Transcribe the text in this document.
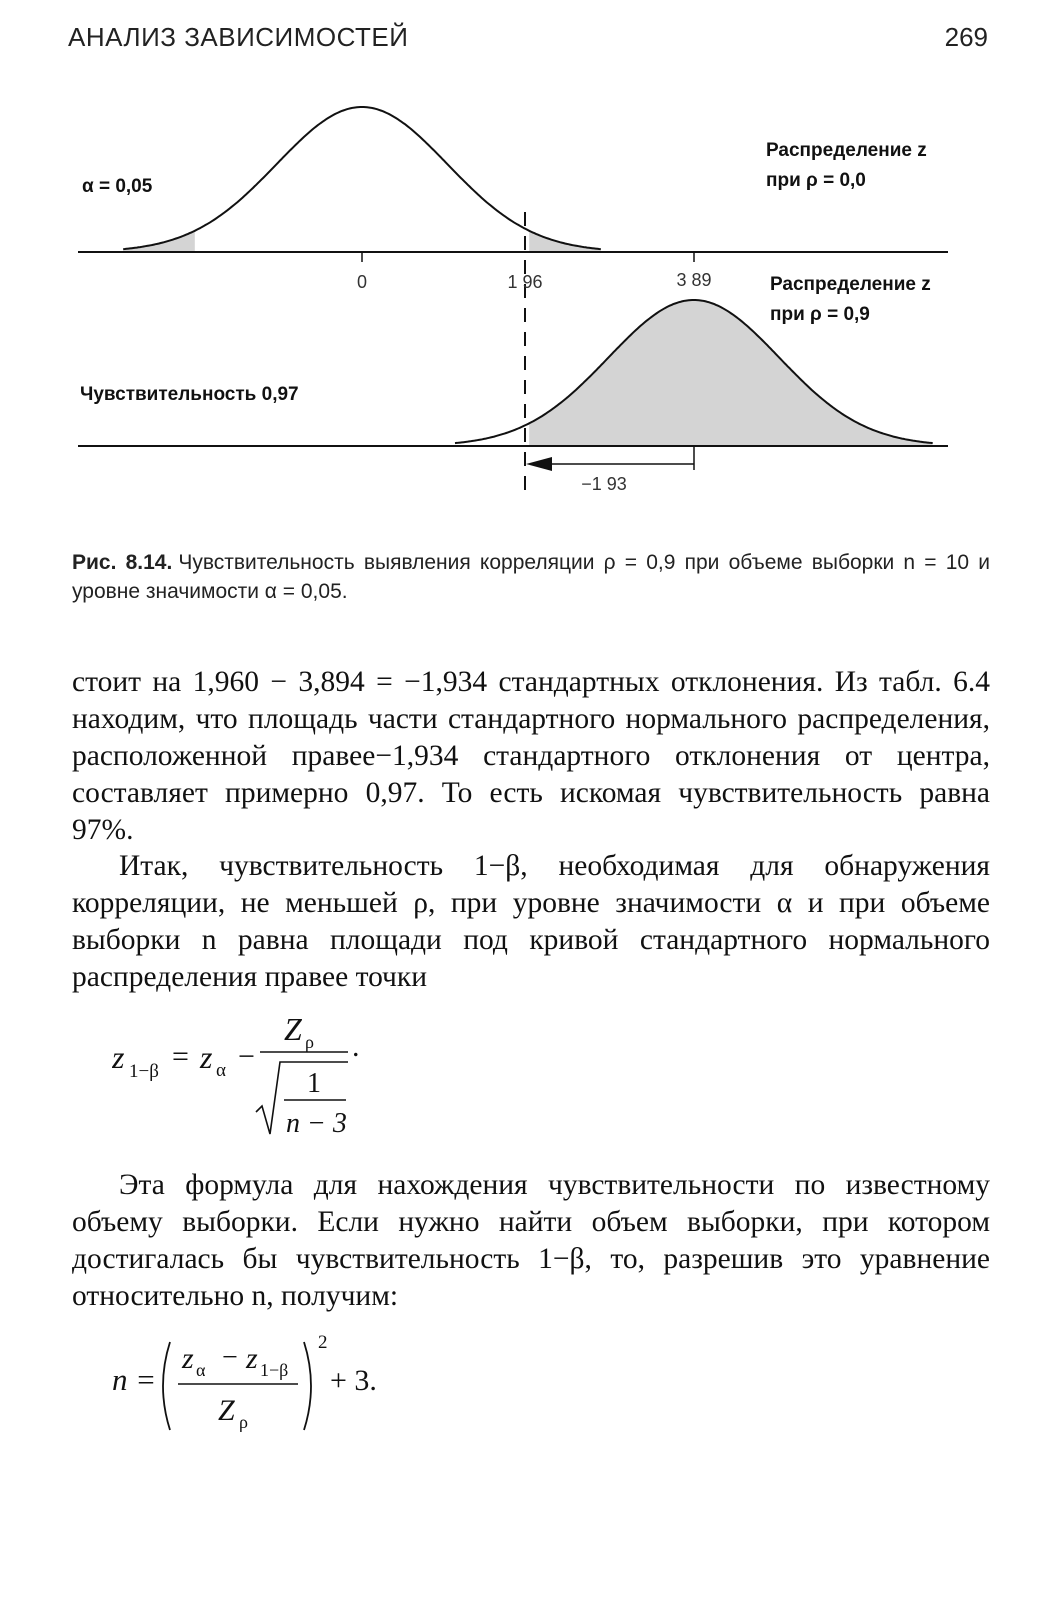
АНАЛИЗ ЗАВИСИМОСТЕЙ	269
α = 0,05
Распределение z
при ρ = 0,0
Распределение z
при ρ = 0,9
Чувствительность 0,97
0	1 96	3 89
−1 93
Рис. 8.14. Чувствительность выявления корреляции ρ = 0,9 при объеме выборки n = 10 и уровне значимости α = 0,05.
стоит на 1,960 − 3,894 = −1,934 стандартных отклонения. Из табл. 6.4 находим, что площадь части стандартного нормального распределения, расположенной правее−1,934 стандартного отклонения от центра, составляет примерно 0,97. То есть искомая чувствительность равна 97%.
Итак, чувствительность 1−β, необходимая для обнаружения корреляции, не меньшей ρ, при уровне значимости α и при объеме выборки n равна площади под кривой стандартного нормального распределения правее точки
z 1−β = z α −
Z ρ
1
n − 3
.
Эта формула для нахождения чувствительности по известному объему выборки. Если нужно найти объем выборки, при котором достигалась бы чувствительность 1−β, то, разрешив это уравнение относительно n, получим:
n =
z α − z 1−β
Z ρ
2
+ 3.
